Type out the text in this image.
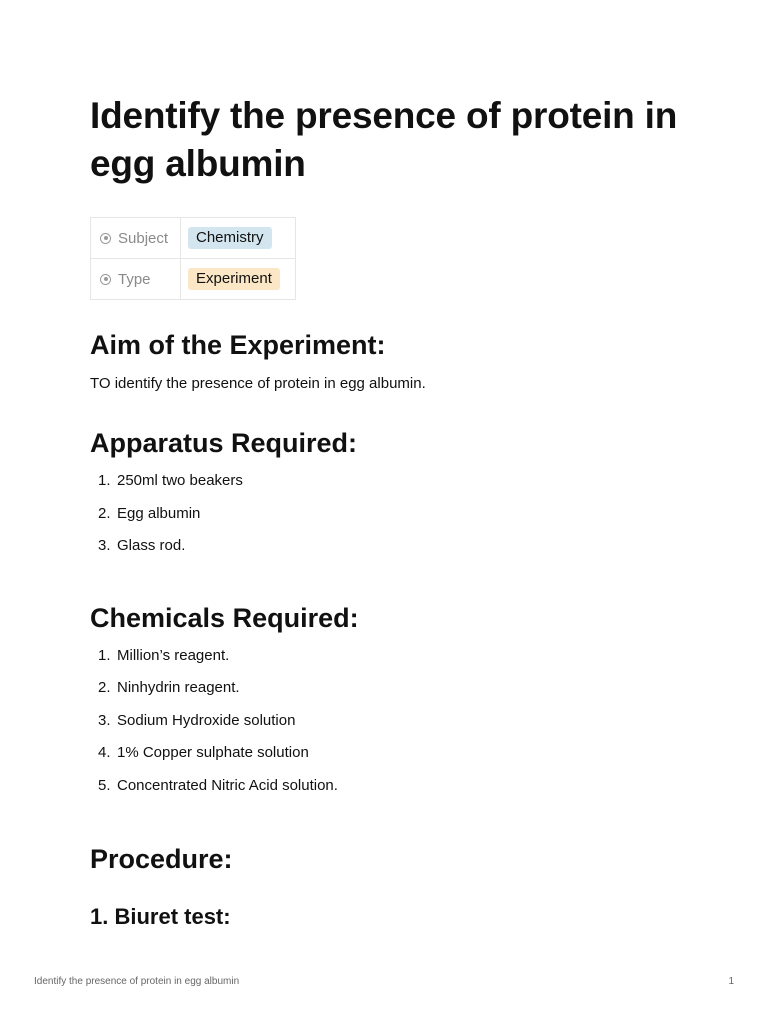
Identify the presence of protein in egg albumin
Subject	Chemistry
Type	Experiment
Aim of the Experiment:

TO identify the presence of protein in egg albumin.

Apparatus Required:
1. 250ml two beakers
2. Egg albumin
3. Glass rod.
Chemicals Required:
1. Million’s reagent.
2. Ninhydrin reagent.
3. Sodium Hydroxide solution
4. 1% Copper sulphate solution
5. Concentrated Nitric Acid solution.
Procedure:
1. Biuret test:
Identify the presence of protein in egg albumin	1
